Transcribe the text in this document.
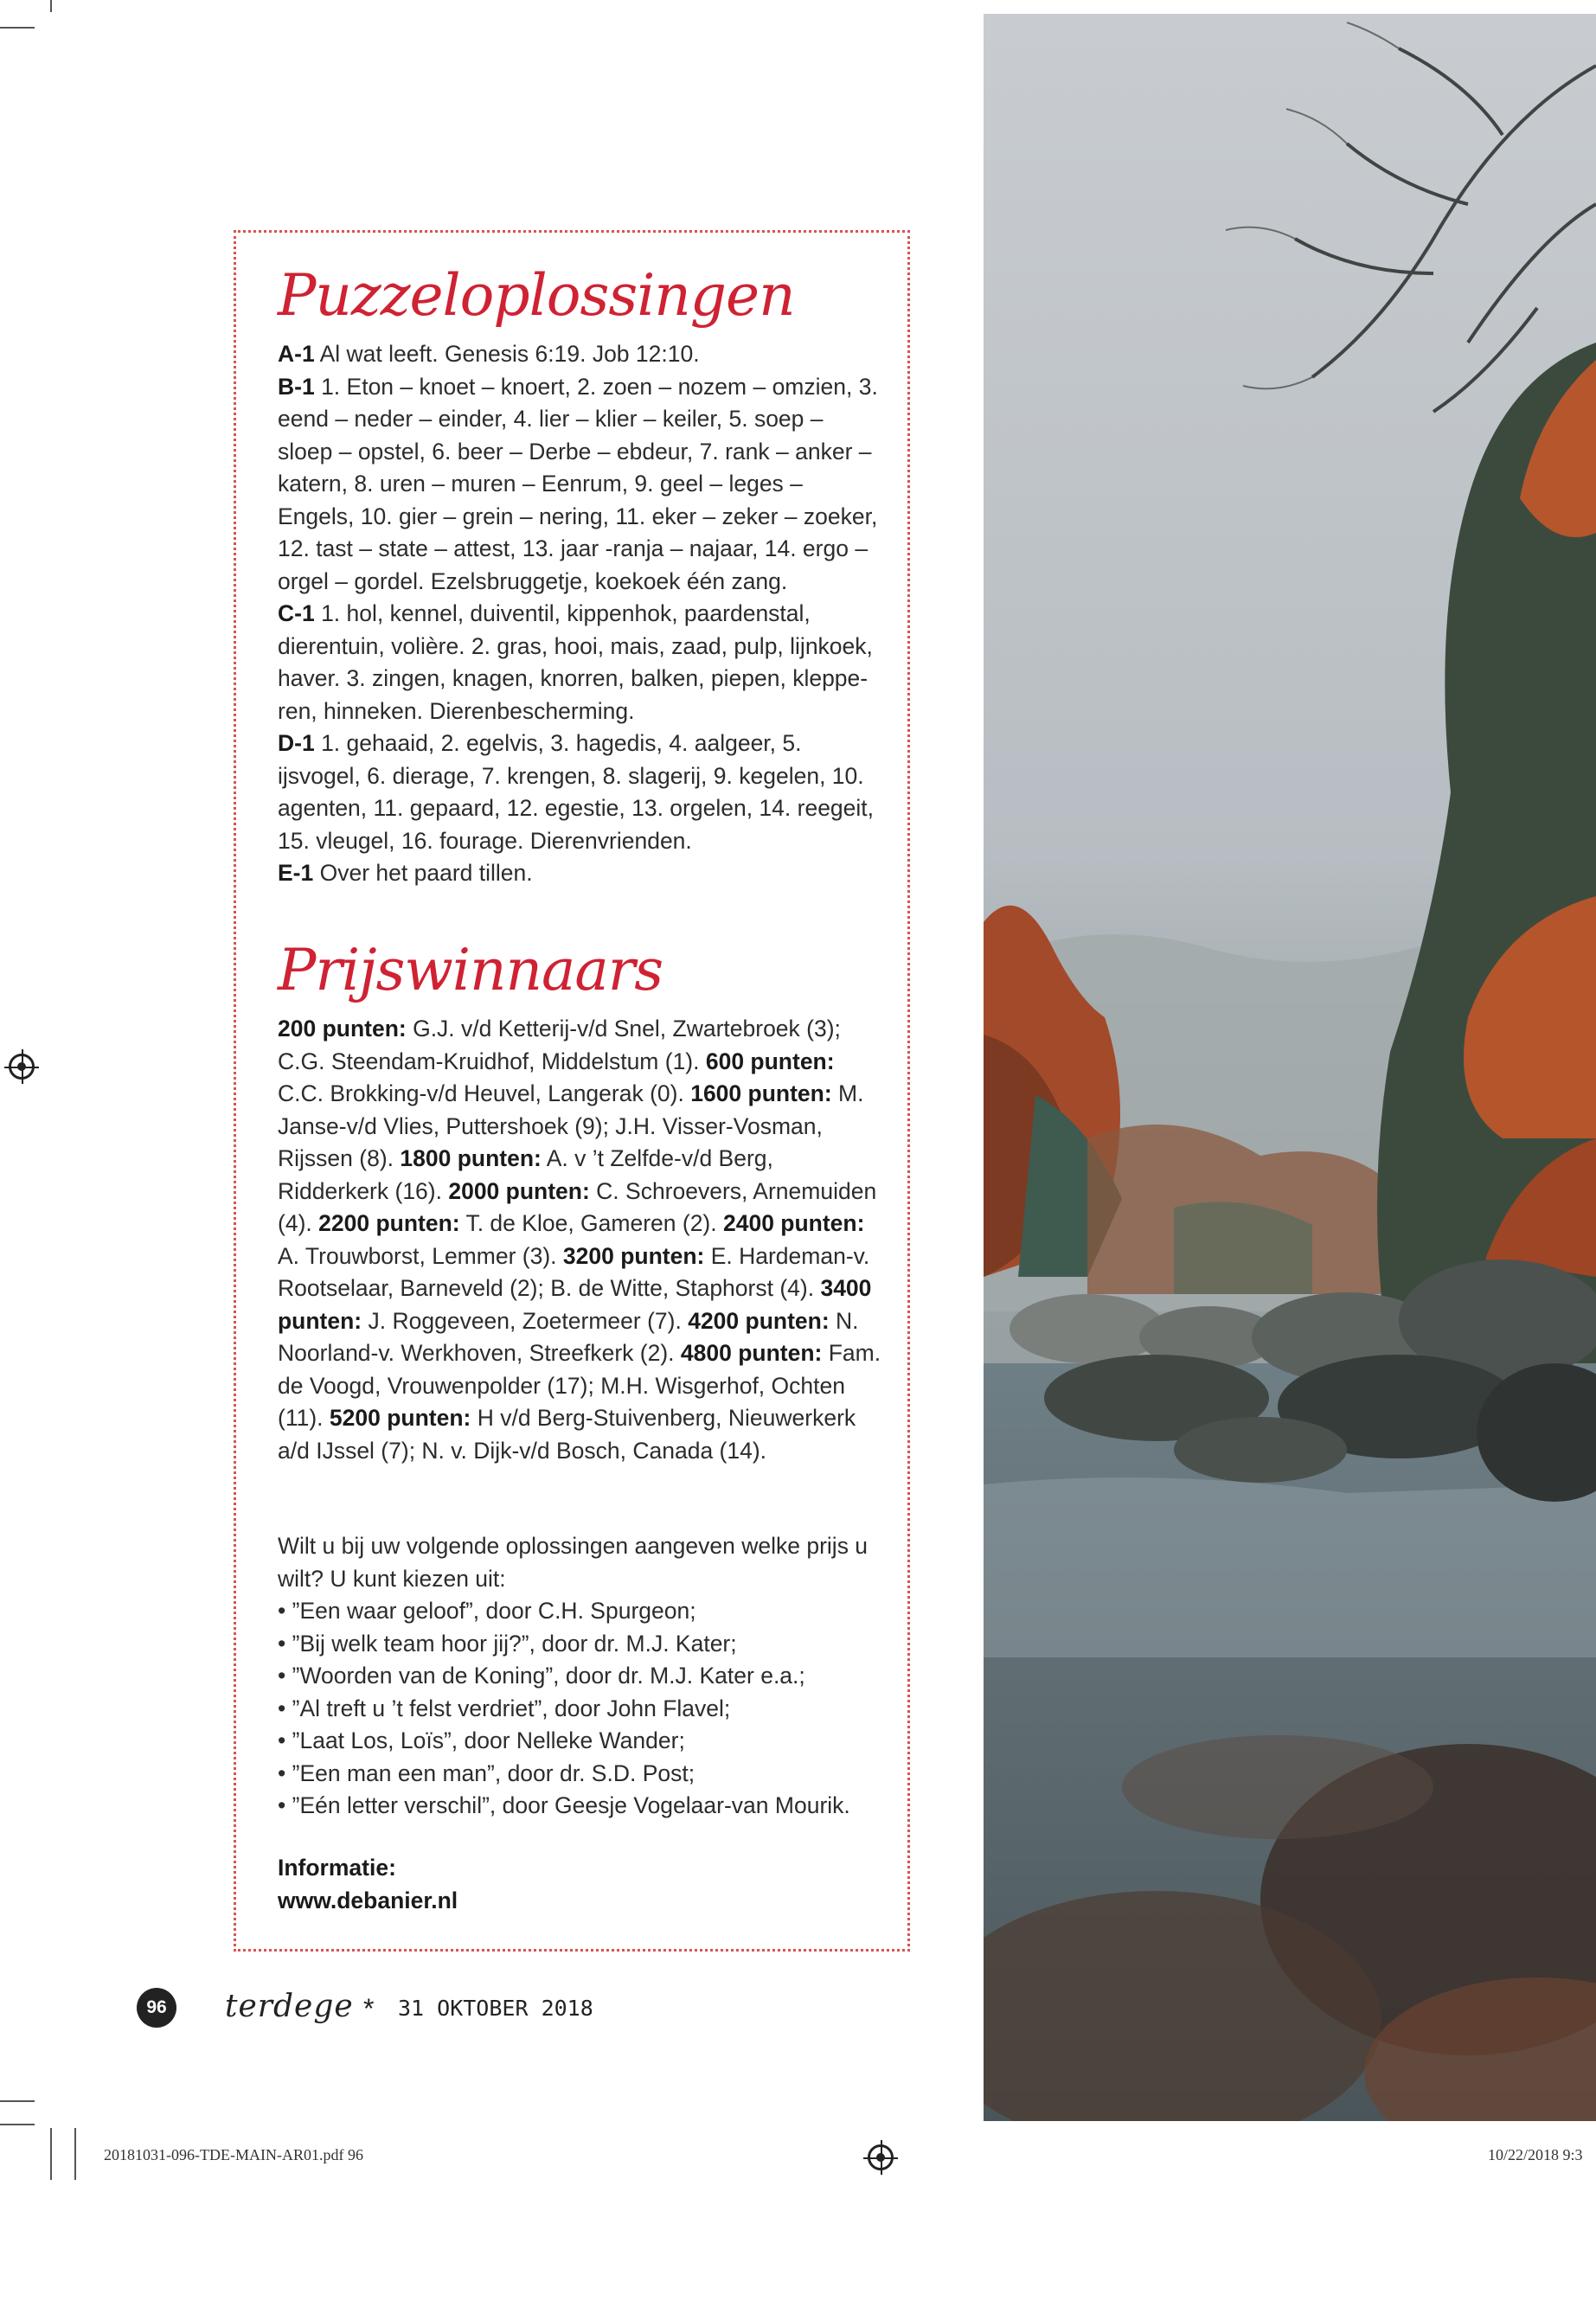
Puzzeloplossingen

A-1 Al wat leeft. Genesis 6:19. Job 12:10.

B-1 1. Eton – knoet – knoert, 2. zoen – nozem – omzien, 3. eend – neder – einder, 4. lier – klier – keiler, 5. soep – sloep – opstel, 6. beer – Derbe – ebdeur, 7. rank – anker – katern, 8. uren – muren – Eenrum, 9. geel – leges – Engels, 10. gier – grein – nering, 11. eker – zeker – zoeker, 12. tast – state – attest, 13. jaar -ranja – najaar, 14. ergo – orgel – gordel. Ezelsbruggetje, koekoek één zang.

C-1 1. hol, kennel, duiventil, kippenhok, paardenstal, dierentuin, volière. 2. gras, hooi, mais, zaad, pulp, lijnkoek, haver. 3. zingen, knagen, knorren, balken, piepen, klepperen, hinneken. Dierenbescherming.

D-1 1. gehaaid, 2. egelvis, 3. hagedis, 4. aalgeer, 5. ijsvogel, 6. dierage, 7. krengen, 8. slagerij, 9. kegelen, 10. agenten, 11. gepaard, 12. egestie, 13. orgelen, 14. reegeit, 15. vleugel, 16. fourage. Dierenvrienden.

E-1 Over het paard tillen.

Prijswinnaars

200 punten: G.J. v/d Ketterij-v/d Snel, Zwartebroek (3); C.G. Steendam-Kruidhof, Middelstum (1). 600 punten: C.C. Brokking-v/d Heuvel, Langerak (0). 1600 punten: M. Janse-v/d Vlies, Puttershoek (9); J.H. Visser-Vosman, Rijssen (8). 1800 punten: A. v ’t Zelfde-v/d Berg, Ridderkerk (16). 2000 punten: C. Schroevers, Arnemuiden (4). 2200 punten: T. de Kloe, Gameren (2). 2400 punten: A. Trouwborst, Lemmer (3). 3200 punten: E. Hardeman-v. Rootselaar, Barneveld (2); B. de Witte, Staphorst (4). 3400 punten: J. Roggeveen, Zoetermeer (7). 4200 punten: N. Noorland-v. Werkhoven, Streefkerk (2). 4800 punten: Fam. de Voogd, Vrouwenpolder (17); M.H. Wisgerhof, Ochten (11). 5200 punten: H v/d Berg-Stuivenberg, Nieuwerkerk a/d IJssel (7); N. v. Dijk-v/d Bosch, Canada (14).

Wilt u bij uw volgende oplossingen aangeven welke prijs u wilt? U kunt kiezen uit:

• ”Een waar geloof”, door C.H. Spurgeon;
• ”Bij welk team hoor jij?”, door dr. M.J. Kater;
• ”Woorden van de Koning”, door dr. M.J. Kater e.a.;
• ”Al treft u ’t felst verdriet”, door John Flavel;
• ”Laat Los, Loïs”, door Nelleke Wander;
• ”Een man een man”, door dr. S.D. Post;
• ”Eén letter verschil”, door Geesje Vogelaar-van Mourik.

Informatie:

www.debanier.nl

96	terdege * 31 OKTOBER 2018
20181031-096-TDE-MAIN-AR01.pdf 96	10/22/2018 9:3
